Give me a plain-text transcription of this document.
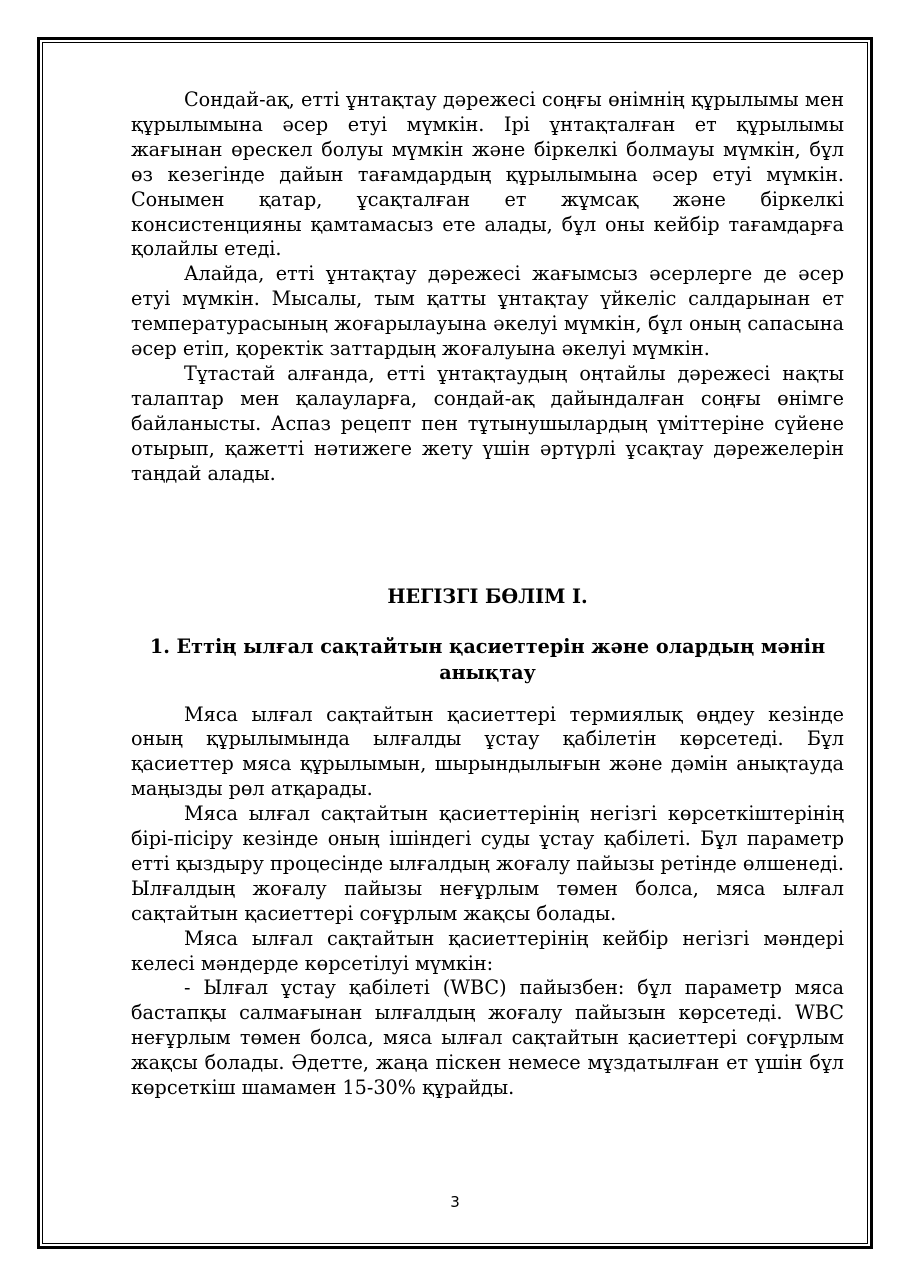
Сондай-ақ, етті ұнтақтау дәрежесі соңғы өнімнің құрылымы мен құрылымына әсер етуі мүмкін. Ірі ұнтақталған ет құрылымы жағынан өрескел болуы мүмкін және біркелкі болмауы мүмкін, бұл өз кезегінде дайын тағамдардың құрылымына әсер етуі мүмкін. Сонымен қатар, ұсақталған ет жұмсақ және біркелкі консистенцияны қамтамасыз ете алады, бұл оны кейбір тағамдарға қолайлы етеді.

Алайда, етті ұнтақтау дәрежесі жағымсыз әсерлерге де әсер етуі мүмкін. Мысалы, тым қатты ұнтақтау үйкеліс салдарынан ет температурасының жоғарылауына әкелуі мүмкін, бұл оның сапасына әсер етіп, қоректік заттардың жоғалуына әкелуі мүмкін.

Тұтастай алғанда, етті ұнтақтаудың оңтайлы дәрежесі нақты талаптар мен қалауларға, сондай-ақ дайындалған соңғы өнімге байланысты. Аспаз рецепт пен тұтынушылардың үміттеріне сүйене отырып, қажетті нәтижеге жету үшін әртүрлі ұсақтау дәрежелерін таңдай алады.

НЕГІЗГІ БӨЛІМ І.
1. Еттің ылғал сақтайтын қасиеттерін және олардың мәнін анықтау

Мяса ылғал сақтайтын қасиеттері термиялық өңдеу кезінде оның құрылымында ылғалды ұстау қабілетін көрсетеді. Бұл қасиеттер мяса құрылымын, шырындылығын және дәмін анықтауда маңызды рөл атқарады.

Мяса ылғал сақтайтын қасиеттерінің негізгі көрсеткіштерінің бірі-пісіру кезінде оның ішіндегі суды ұстау қабілеті. Бұл параметр етті қыздыру процесінде ылғалдың жоғалу пайызы ретінде өлшенеді. Ылғалдың жоғалу пайызы неғұрлым төмен болса, мяса ылғал сақтайтын қасиеттері соғұрлым жақсы болады.

Мяса ылғал сақтайтын қасиеттерінің кейбір негізгі мәндері келесі мәндерде көрсетілуі мүмкін:

- Ылғал ұстау қабілеті (WBC) пайызбен: бұл параметр мяса бастапқы салмағынан ылғалдың жоғалу пайызын көрсетеді. WBC неғұрлым төмен болса, мяса ылғал сақтайтын қасиеттері соғұрлым жақсы болады. Әдетте, жаңа піскен немесе мұздатылған ет үшін бұл көрсеткіш шамамен 15-30% құрайды.

3
